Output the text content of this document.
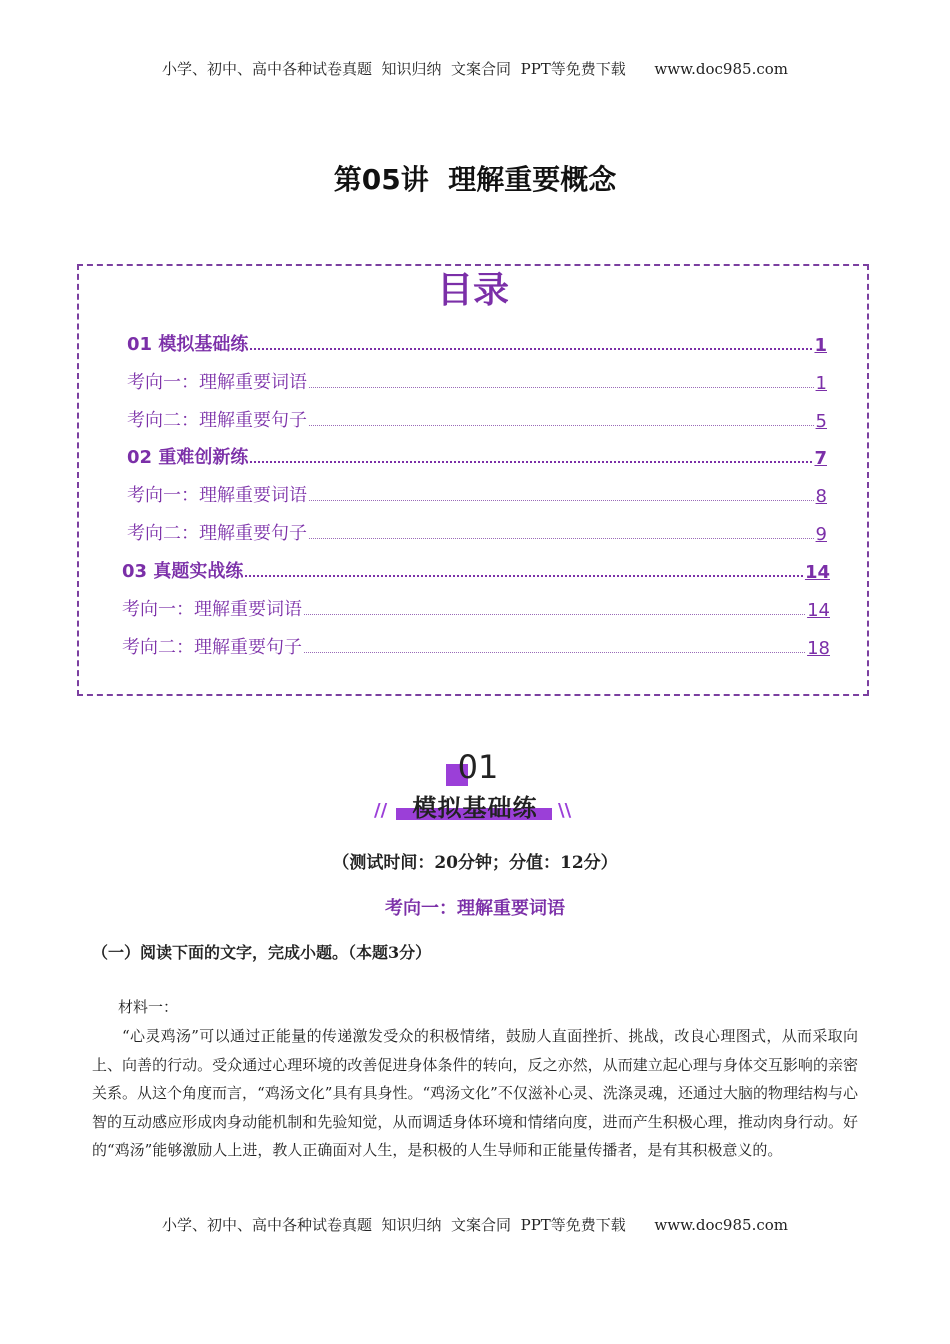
小学、初中、高中各种试卷真题  知识归纳  文案合同  PPT等免费下载      www.doc985.com
第05讲  理解重要概念
目录
01 模拟基础练	1
考向一：理解重要词语	1
考向二：理解重要句子	5
02 重难创新练	7
考向一：理解重要词语	8
考向二：理解重要句子	9
03 真题实战练	14
考向一：理解重要词语	14
考向二：理解重要句子	18
01
//	\\
模拟基础练
（测试时间：20分钟；分值：12分）
考向一：理解重要词语
（一）阅读下面的文字，完成小题。（本题3分）
材料一：
“心灵鸡汤”可以通过正能量的传递激发受众的积极情绪，鼓励人直面挫折、挑战，改良心理图式，从而采取向上、向善的行动。受众通过心理环境的改善促进身体条件的转向，反之亦然，从而建立起心理与身体交互影响的亲密关系。从这个角度而言，“鸡汤文化”具有具身性。“鸡汤文化”不仅滋补心灵、洗涤灵魂，还通过大脑的物理结构与心智的互动感应形成肉身动能机制和先验知觉，从而调适身体环境和情绪向度，进而产生积极心理，推动肉身行动。好的“鸡汤”能够激励人上进，教人正确面对人生，是积极的人生导师和正能量传播者，是有其积极意义的。
小学、初中、高中各种试卷真题  知识归纳  文案合同  PPT等免费下载      www.doc985.com
